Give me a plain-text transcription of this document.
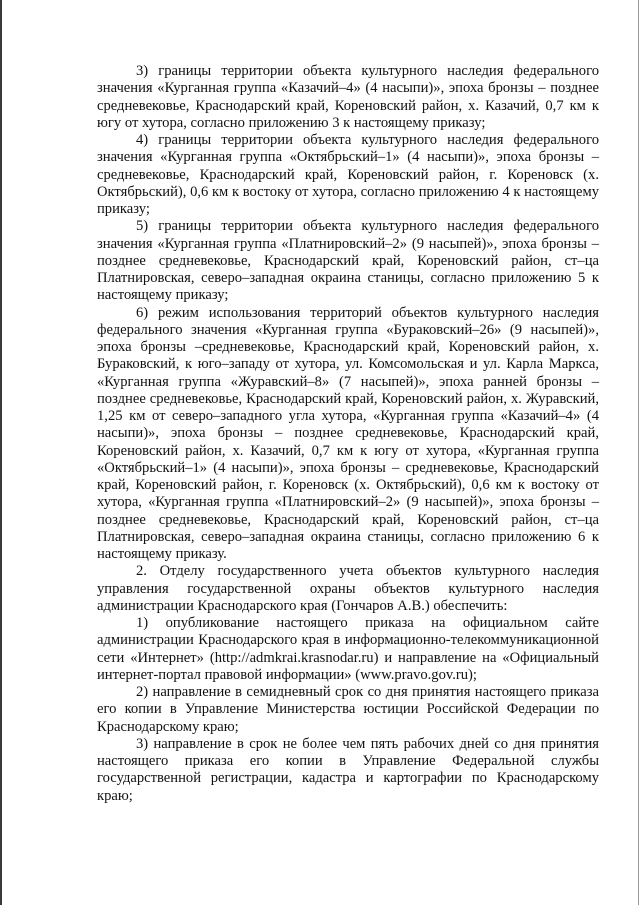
3) границы территории объекта культурного наследия федерального значения «Курганная группа «Казачий–4» (4 насыпи)», эпоха бронзы – позднее средневековье, Краснодарский край, Кореновский район, х. Казачий, 0,7 км к югу от хутора, согласно приложению 3 к настоящему приказу;

4) границы территории объекта культурного наследия федерального значения «Курганная группа «Октябрьский–1» (4 насыпи)», эпоха бронзы – средневековье, Краснодарский край, Кореновский район, г. Кореновск (х. Октябрьский), 0,6 км к востоку от хутора, согласно приложению 4 к настоящему приказу;

5) границы территории объекта культурного наследия федерального значения «Курганная группа «Платнировский–2» (9 насыпей)», эпоха бронзы – позднее средневековье, Краснодарский край, Кореновский район, ст–ца Платнировская, северо–западная окраина станицы, согласно приложению 5 к настоящему приказу;

6) режим использования территорий объектов культурного наследия федерального значения «Курганная группа «Бураковский–26» (9 насыпей)», эпоха бронзы –средневековье, Краснодарский край, Кореновский район, х. Бураковский, к юго–западу от хутора, ул. Комсомольская и ул. Карла Маркса, «Курганная группа «Журавский–8» (7 насыпей)», эпоха ранней бронзы – позднее средневековье, Краснодарский край, Кореновский район, х. Журавский, 1,25 км от северо–западного угла хутора, «Курганная группа «Казачий–4» (4 насыпи)», эпоха бронзы – позднее средневековье, Краснодарский край, Кореновский район, х. Казачий, 0,7 км к югу от хутора, «Курганная группа «Октябрьский–1» (4 насыпи)», эпоха бронзы – средневековье, Краснодарский край, Кореновский район, г. Кореновск (х. Октябрьский), 0,6 км к востоку от хутора, «Курганная группа «Платнировский–2» (9 насыпей)», эпоха бронзы – позднее средневековье, Краснодарский край, Кореновский район, ст–ца Платнировская, северо–западная окраина станицы, согласно приложению 6 к настоящему приказу.

2. Отделу государственного учета объектов культурного наследия управления государственной охраны объектов культурного наследия администрации Краснодарского края (Гончаров А.В.) обеспечить:

1) опубликование настоящего приказа на официальном сайте администрации Краснодарского края в информационно-телекоммуникационной сети «Интернет» (http://admkrai.krasnodar.ru) и направление на «Официальный интернет-портал правовой информации» (www.pravo.gov.ru);

2) направление в семидневный срок со дня принятия настоящего приказа его копии в Управление Министерства юстиции Российской Федерации по Краснодарскому краю;

3) направление в срок не более чем пять рабочих дней со дня принятия настоящего приказа его копии в Управление Федеральной службы государственной регистрации, кадастра и картографии по Краснодарскому краю;
